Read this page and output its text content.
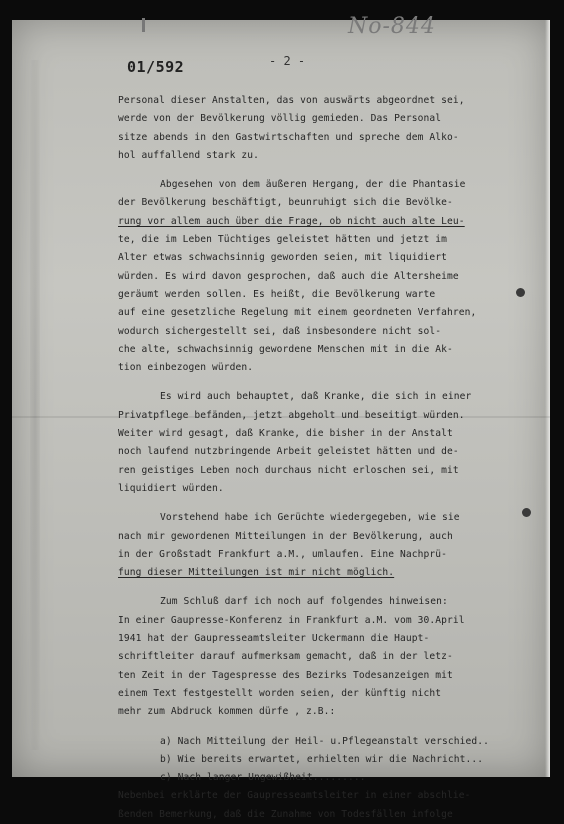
No-844
01/592	- 2 -
Personal dieser Anstalten, das von auswärts abgeordnet sei,
werde von der Bevölkerung völlig gemieden. Das Personal
sitze abends in den Gastwirtschaften und spreche dem Alko-
hol auffallend stark zu.
Abgesehen von dem äußeren Hergang, der die Phantasie
der Bevölkerung beschäftigt, beunruhigt sich die Bevölke-
rung vor allem auch über die Frage, ob nicht auch alte Leu-
te, die im Leben Tüchtiges geleistet hätten und jetzt im
Alter etwas schwachsinnig geworden seien, mit liquidiert
würden. Es wird davon gesprochen, daß auch die Altersheime
geräumt werden sollen. Es heißt, die Bevölkerung warte
auf eine gesetzliche Regelung mit einem geordneten Verfahren,
wodurch sichergestellt sei, daß insbesondere nicht sol-
che alte, schwachsinnig gewordene Menschen mit in die Ak-
tion einbezogen würden.
Es wird auch behauptet, daß Kranke, die sich in einer
Privatpflege befänden, jetzt abgeholt und beseitigt würden.
Weiter wird gesagt, daß Kranke, die bisher in der Anstalt
noch laufend nutzbringende Arbeit geleistet hätten und de-
ren geistiges Leben noch durchaus nicht erloschen sei, mit
liquidiert würden.
Vorstehend habe ich Gerüchte wiedergegeben, wie sie
nach mir gewordenen Mitteilungen in der Bevölkerung, auch
in der Großstadt Frankfurt a.M., umlaufen. Eine Nachprü-
fung dieser Mitteilungen ist mir nicht möglich.
Zum Schluß darf ich noch auf folgendes hinweisen:
In einer Gaupresse-Konferenz in Frankfurt a.M. vom 30.April
1941 hat der Gaupresseamtsleiter Uckermann die Haupt-
schriftleiter darauf aufmerksam gemacht, daß in der letz-
ten Zeit in der Tagespresse des Bezirks Todesanzeigen mit
einem Text festgestellt worden seien, der künftig nicht
mehr zum Abdruck kommen dürfe , z.B.:
a) Nach Mitteilung der Heil- u.Pflegeanstalt verschied..
b) Wie bereits erwartet, erhielten wir die Nachricht...
c) Nach langer Ungewißheit.........
Nebenbei erklärte der Gaupresseamtsleiter in einer abschlie-
ßenden Bemerkung, daß die Zunahme von Todesfällen infolge
